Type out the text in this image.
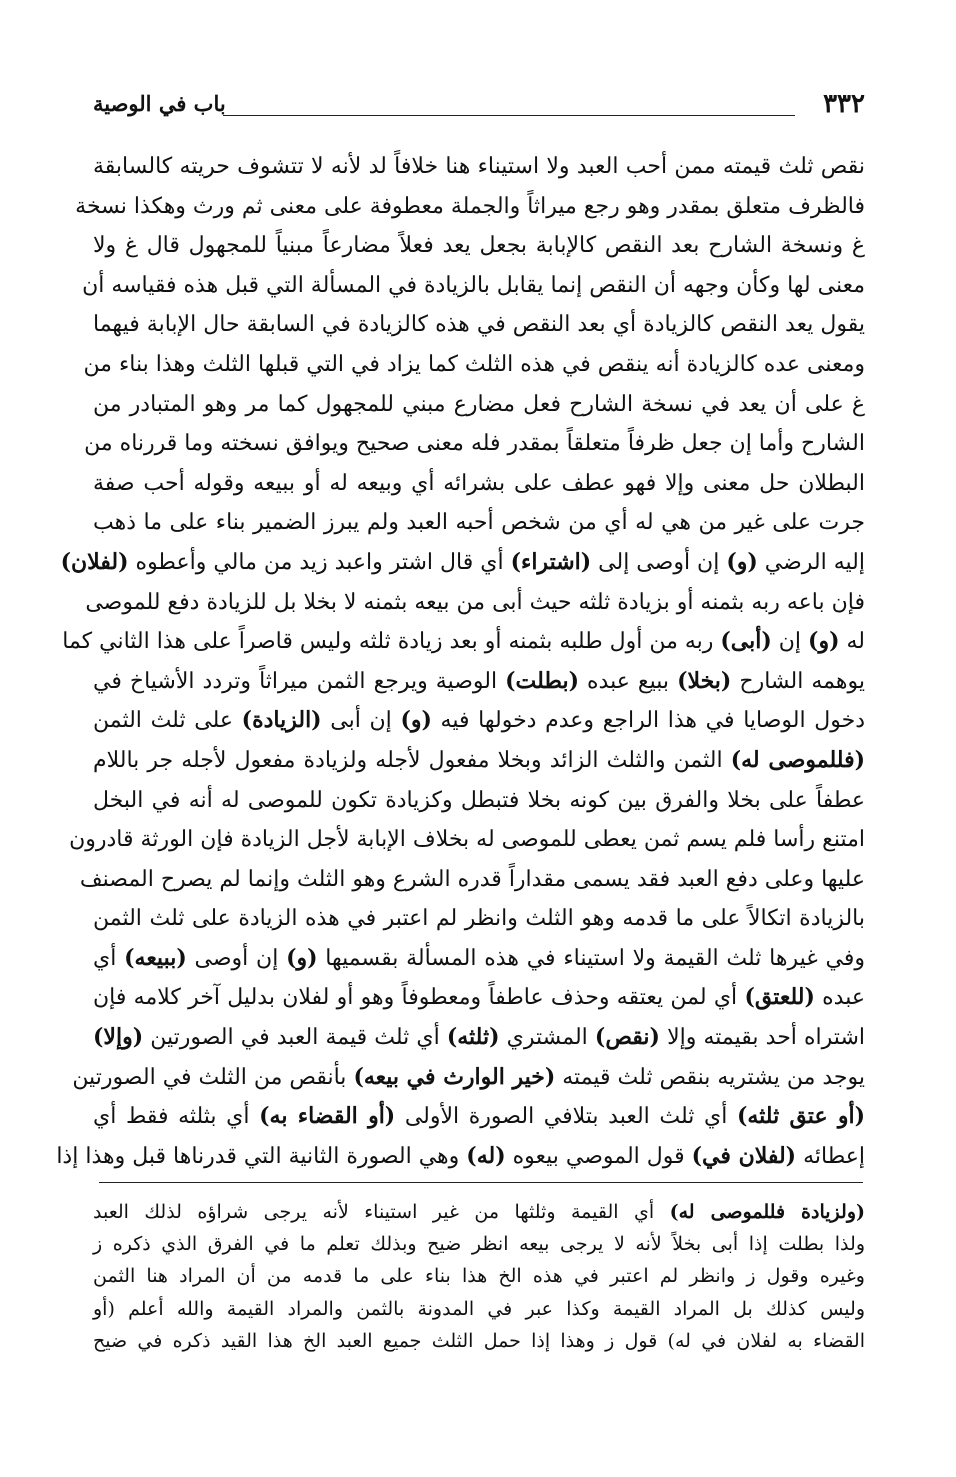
٣٣٢
باب في الوصية
نقص ثلث قيمته ممن أحب العبد ولا استيناء هنا خلافاً لد لأنه لا تتشوف حريته كالسابقة
فالظرف متعلق بمقدر وهو رجع ميراثاً والجملة معطوفة على معنى ثم ورث وهكذا نسخة
غ ونسخة الشارح بعد النقص كالإبابة بجعل يعد فعلاً مضارعاً مبنياً للمجهول قال غ ولا
معنى لها وكأن وجهه أن النقص إنما يقابل بالزيادة في المسألة التي قبل هذه فقياسه أن
يقول يعد النقص كالزيادة أي بعد النقص في هذه كالزيادة في السابقة حال الإبابة فيهما
ومعنى عده كالزيادة أنه ينقص في هذه الثلث كما يزاد في التي قبلها الثلث وهذا بناء من
غ على أن يعد في نسخة الشارح فعل مضارع مبني للمجهول كما مر وهو المتبادر من
الشارح وأما إن جعل ظرفاً متعلقاً بمقدر فله معنى صحيح ويوافق نسخته وما قررناه من
البطلان حل معنى وإلا فهو عطف على بشرائه أي وبيعه له أو ببيعه وقوله أحب صفة
جرت على غير من هي له أي من شخص أحبه العبد ولم يبرز الضمير بناء على ما ذهب
إليه الرضي (و) إن أوصى إلى (اشتراء) أي قال اشتر واعبد زيد من مالي وأعطوه (لفلان)
فإن باعه ربه بثمنه أو بزيادة ثلثه حيث أبى من بيعه بثمنه لا بخلا بل للزيادة دفع للموصى
له (و) إن (أبى) ربه من أول طلبه بثمنه أو بعد زيادة ثلثه وليس قاصراً على هذا الثاني كما
يوهمه الشارح (بخلا) ببيع عبده (بطلت) الوصية ويرجع الثمن ميراثاً وتردد الأشياخ في
دخول الوصايا في هذا الراجع وعدم دخولها فيه (و) إن أبى (الزيادة) على ثلث الثمن
(فللموصى له) الثمن والثلث الزائد وبخلا مفعول لأجله ولزيادة مفعول لأجله جر باللام
عطفاً على بخلا والفرق بين كونه بخلا فتبطل وكزيادة تكون للموصى له أنه في البخل
امتنع رأسا فلم يسم ثمن يعطى للموصى له بخلاف الإبابة لأجل الزيادة فإن الورثة قادرون
عليها وعلى دفع العبد فقد يسمى مقداراً قدره الشرع وهو الثلث وإنما لم يصرح المصنف
بالزيادة اتكالاً على ما قدمه وهو الثلث وانظر لم اعتبر في هذه الزيادة على ثلث الثمن
وفي غيرها ثلث القيمة ولا استيناء في هذه المسألة بقسميها (و) إن أوصى (ببيعه) أي
عبده (للعتق) أي لمن يعتقه وحذف عاطفاً ومعطوفاً وهو أو لفلان بدليل آخر كلامه فإن
اشتراه أحد بقيمته وإلا (نقص) المشتري (ثلثه) أي ثلث قيمة العبد في الصورتين (وإلا)
يوجد من يشتريه بنقص ثلث قيمته (خير الوارث في بيعه) بأنقص من الثلث في الصورتين
(أو عتق ثلثه) أي ثلث العبد بتلافي الصورة الأولى (أو القضاء به) أي بثلثه فقط أي
إعطائه (لفلان في) قول الموصي بيعوه (له) وهي الصورة الثانية التي قدرناها قبل وهذا إذا
(ولزيادة فللموصى له) أي القيمة وثلثها من غير استيناء لأنه يرجى شراؤه لذلك العبد
ولذا بطلت إذا أبى بخلاً لأنه لا يرجى بيعه انظر ضيح وبذلك تعلم ما في الفرق الذي ذكره ز
وغيره وقول ز وانظر لم اعتبر في هذه الخ هذا بناء على ما قدمه من أن المراد هنا الثمن
وليس كذلك بل المراد القيمة وكذا عبر في المدونة بالثمن والمراد القيمة والله أعلم (أو
القضاء به لفلان في له) قول ز وهذا إذا حمل الثلث جميع العبد الخ هذا القيد ذكره في ضيح
